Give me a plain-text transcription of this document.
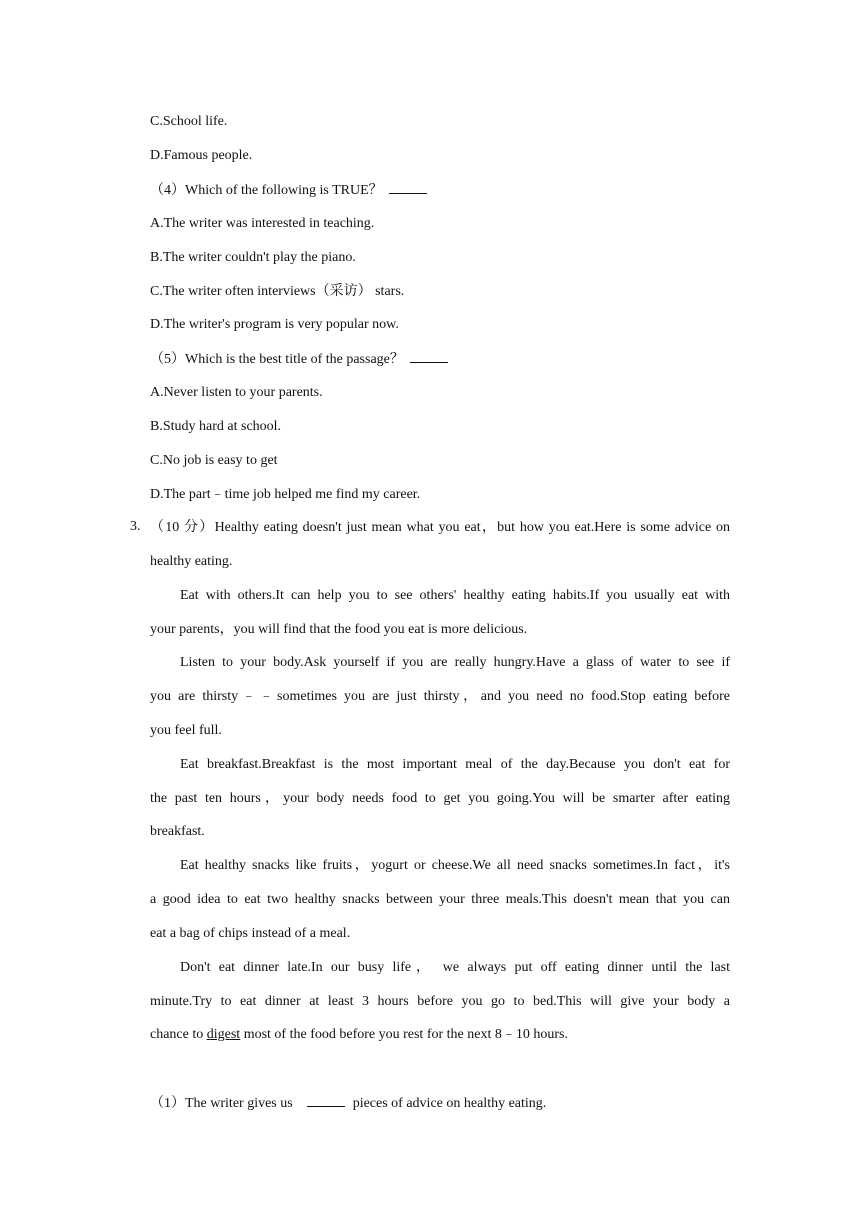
C.School life.
D.Famous people.
（4）Which of the following is TRUE？
A.The writer was interested in teaching.
B.The writer couldn't play the piano.
C.The writer often interviews（采访） stars.
D.The writer's program is very popular now.
（5）Which is the best title of the passage？
A.Never listen to your parents.
B.Study hard at school.
C.No job is easy to get
D.The part﹣time job helped me find my career.
3. （10 分）Healthy eating doesn't just mean what you eat，but how you eat.Here is some advice on
healthy eating.
Eat with others.It can help you to see others' healthy eating habits.If you usually eat with
your parents，you will find that the food you eat is more delicious.
Listen to your body.Ask yourself if you are really hungry.Have a glass of water to see if
you are thirsty﹣﹣sometimes you are just thirsty，and you need no food.Stop eating before
you feel full.
Eat breakfast.Breakfast is the most important meal of the day.Because you don't eat for
the past ten hours，your body needs food to get you going.You will be smarter after eating
breakfast.
Eat healthy snacks like fruits，yogurt or cheese.We all need snacks sometimes.In fact，it's
a good idea to eat two healthy snacks between your three meals.This doesn't mean that you can
eat a bag of chips instead of a meal.
Don't eat dinner late.In our busy life， we always put off eating dinner until the last
minute.Try to eat dinner at least 3 hours before you go to bed.This will give your body a
chance to digest most of the food before you rest for the next 8﹣10 hours.
（1）The writer gives us	pieces of advice on healthy eating.
